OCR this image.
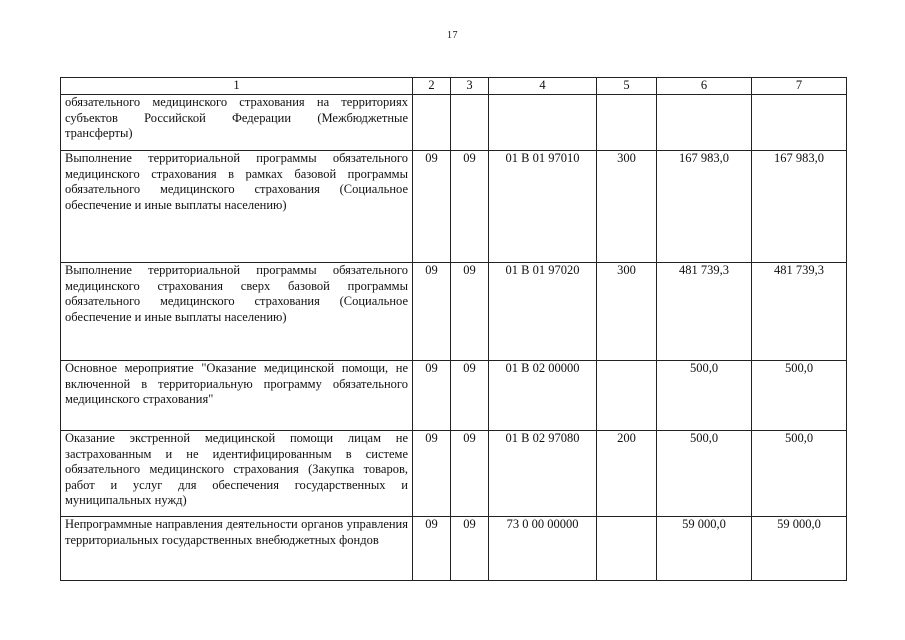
17
1	2	3	4	5	6	7
обязательного медицинского страхования на территориях субъектов Российской Федерации (Межбюджетные трансферты)						
Выполнение территориальной программы обязательного медицинского страхования в рамках базовой программы обязательного медицинского страхования (Социальное обеспечение и иные выплаты населению)	09	09	01 В 01 97010	300	167 983,0	167 983,0
Выполнение территориальной программы обязательного медицинского страхования сверх базовой программы обязательного медицинского страхования (Социальное обеспечение и иные выплаты населению)	09	09	01 В 01 97020	300	481 739,3	481 739,3
Основное мероприятие "Оказание медицинской помощи, не включенной в территориальную программу обязательного медицинского страхования"	09	09	01 В 02 00000		500,0	500,0
Оказание экстренной медицинской помощи лицам не застрахованным и не идентифицированным в системе обязательного медицинского страхования (Закупка товаров, работ и услуг для обеспечения государственных и муниципальных нужд)	09	09	01 В 02 97080	200	500,0	500,0
Непрограммные направления деятельности органов управления территориальных государственных внебюджетных фондов	09	09	73 0 00 00000		59 000,0	59 000,0
